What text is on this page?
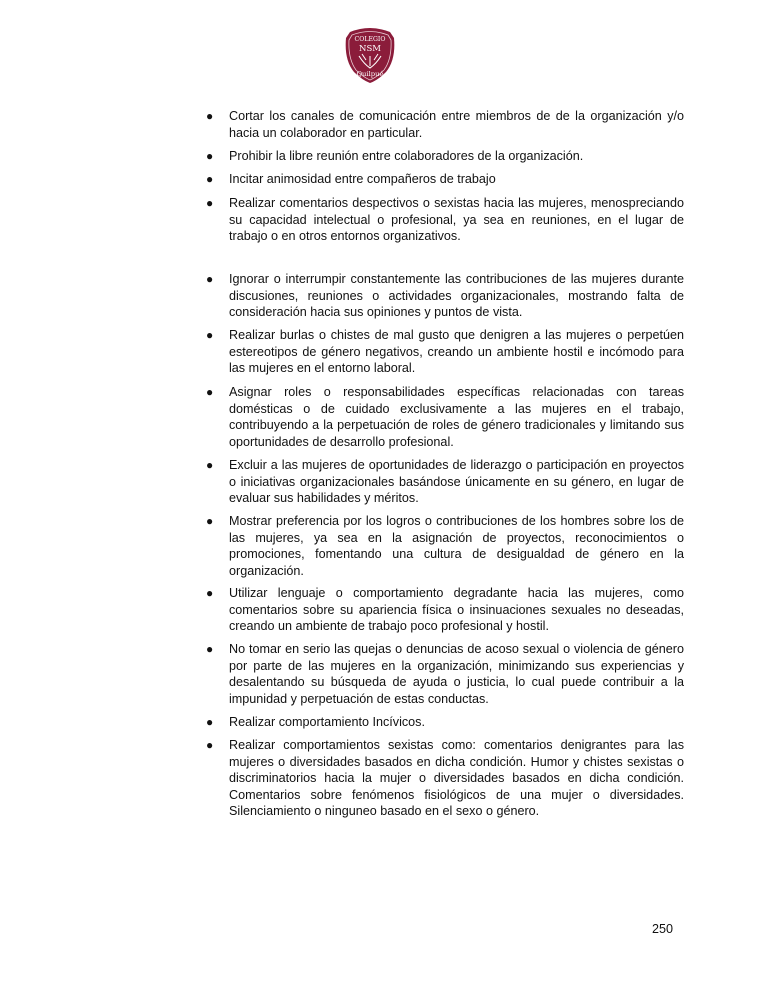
COLEGIO
NSM
Quilpué
● Cortar los canales de comunicación entre miembros de de la organización y/o hacia un colaborador en particular.
● Prohibir la libre reunión entre colaboradores de la organización.
● Incitar animosidad entre compañeros de trabajo
● Realizar comentarios despectivos o sexistas hacia las mujeres, menospreciando su capacidad intelectual o profesional, ya sea en reuniones, en el lugar de trabajo o en otros entornos organizativos.
● Ignorar o interrumpir constantemente las contribuciones de las mujeres durante discusiones, reuniones o actividades organizacionales, mostrando falta de consideración hacia sus opiniones y puntos de vista.
● Realizar burlas o chistes de mal gusto que denigren a las mujeres o perpetúen estereotipos de género negativos, creando un ambiente hostil e incómodo para las mujeres en el entorno laboral.
● Asignar roles o responsabilidades específicas relacionadas con tareas domésticas o de cuidado exclusivamente a las mujeres en el trabajo, contribuyendo a la perpetuación de roles de género tradicionales y limitando sus oportunidades de desarrollo profesional.
● Excluir a las mujeres de oportunidades de liderazgo o participación en proyectos o iniciativas organizacionales basándose únicamente en su género, en lugar de evaluar sus habilidades y méritos.
● Mostrar preferencia por los logros o contribuciones de los hombres sobre los de las mujeres, ya sea en la asignación de proyectos, reconocimientos o promociones, fomentando una cultura de desigualdad de género en la organización.
● Utilizar lenguaje o comportamiento degradante hacia las mujeres, como comentarios sobre su apariencia física o insinuaciones sexuales no deseadas, creando un ambiente de trabajo poco profesional y hostil.
● No tomar en serio las quejas o denuncias de acoso sexual o violencia de género por parte de las mujeres en la organización, minimizando sus experiencias y desalentando su búsqueda de ayuda o justicia, lo cual puede contribuir a la impunidad y perpetuación de estas conductas.
● Realizar comportamiento Incívicos.
● Realizar comportamientos sexistas como: comentarios denigrantes para las mujeres o diversidades basados en dicha condición. Humor y chistes sexistas o discriminatorios hacia la mujer o diversidades basados en dicha condición. Comentarios sobre fenómenos fisiológicos de una mujer o diversidades. Silenciamiento o ninguneo basado en el sexo o género.
250
